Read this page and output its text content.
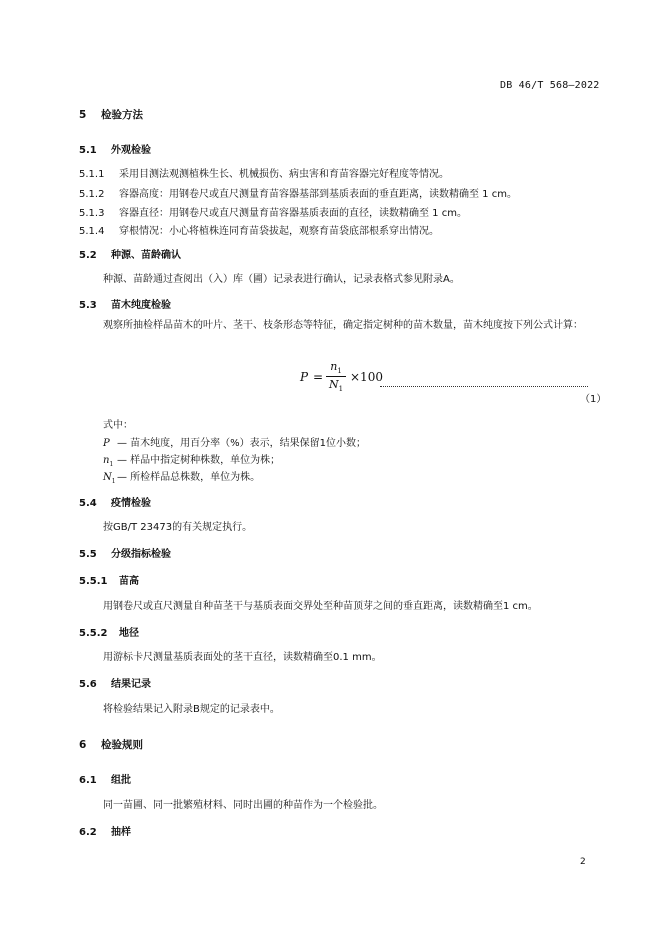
DB 46/T 568—2022
5 检验方法
5.1 外观检验
5.1.1 采用目测法观测植株生长、机械损伤、病虫害和育苗容器完好程度等情况。
5.1.2 容器高度：用钢卷尺或直尺测量育苗容器基部到基质表面的垂直距离，读数精确至 1 cm。
5.1.3 容器直径：用钢卷尺或直尺测量育苗容器基质表面的直径，读数精确至 1 cm。
5.1.4 穿根情况：小心将植株连同育苗袋拔起，观察育苗袋底部根系穿出情况。
5.2 种源、苗龄确认
种源、苗龄通过查阅出（入）库（圃）记录表进行确认，记录表格式参见附录A。
5.3 苗木纯度检验
观察所抽检样品苗木的叶片、茎干、枝条形态等特征，确定指定树种的苗木数量，苗木纯度按下列公式计算：
P =
$n_1$
$N_1$
×100
（1）
式中：
P — 苗木纯度，用百分率（%）表示，结果保留1位小数；
$n_1$ — 样品中指定树种株数，单位为株；
$N_1—$ 所检样品总株数，单位为株。
5.4 疫情检验
按GB/T 23473的有关规定执行。
5.5 分级指标检验
5.5.1 苗高
用钢卷尺或直尺测量自种苗茎干与基质表面交界处至种苗顶芽之间的垂直距离，读数精确至1 cm。
5.5.2 地径
用游标卡尺测量基质表面处的茎干直径，读数精确至0.1 mm。
5.6 结果记录
将检验结果记入附录B规定的记录表中。
6 检验规则
6.1 组批
同一苗圃、同一批繁殖材料、同时出圃的种苗作为一个检验批。
6.2 抽样
2
